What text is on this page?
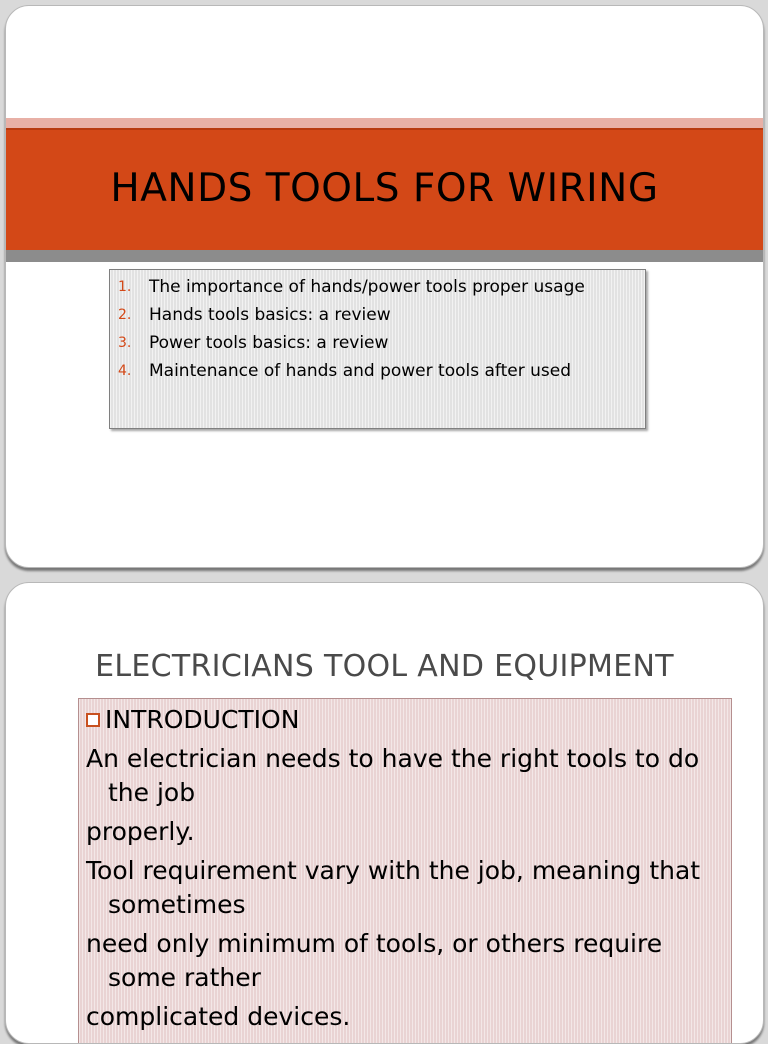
HANDS TOOLS FOR WIRING
1.	The importance of hands/power tools proper usage
2.	Hands tools basics: a review
3.	Power tools basics: a review
4.	Maintenance of hands and power tools after used
ELECTRICIANS TOOL AND EQUIPMENT
INTRODUCTION

An electrician needs to have the right tools to do the job

properly.

Tool requirement vary with the job, meaning that sometimes

need only minimum of tools, or others require some rather

complicated devices.
